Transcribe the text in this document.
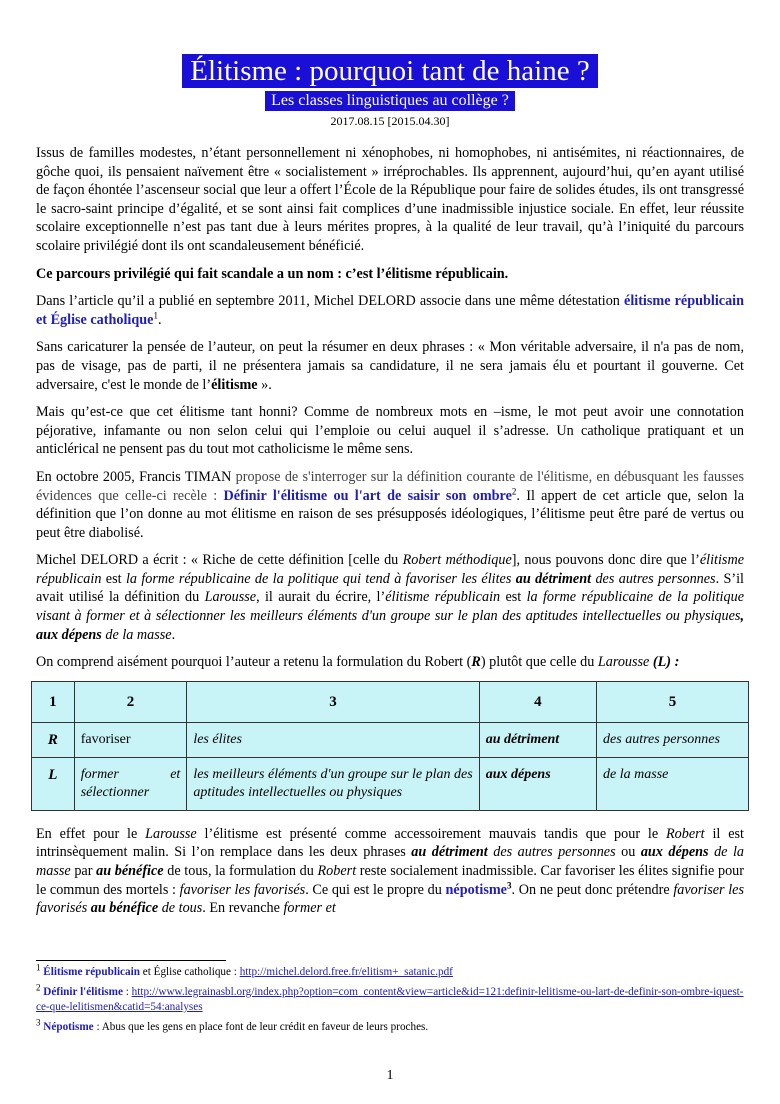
Élitisme : pourquoi tant de haine ?
Les classes linguistiques au collège ?
2017.08.15 [2015.04.30]

Issus de familles modestes, n’étant personnellement ni xénophobes, ni homophobes, ni antisémites, ni réactionnaires, de gôche quoi, ils pensaient naïvement être « socialistement » irréprochables. Ils apprennent, aujourd’hui, qu’en ayant utilisé de façon éhontée l’ascenseur social que leur a offert l’École de la République pour faire de solides études, ils ont transgressé le sacro-saint principe d’égalité, et se sont ainsi fait complices d’une inadmissible injustice sociale. En effet, leur réussite scolaire exceptionnelle n’est pas tant due à leurs mérites propres, à la qualité de leur travail, qu’à l’iniquité du parcours scolaire privilégié dont ils ont scandaleusement bénéficié.

Ce parcours privilégié qui fait scandale a un nom : c’est l’élitisme républicain.

Dans l’article qu’il a publié en septembre 2011, Michel DELORD associe dans une même détestation élitisme républicain et Église catholique$^1$.

Sans caricaturer la pensée de l’auteur, on peut la résumer en deux phrases : « Mon véritable adversaire, il n'a pas de nom, pas de visage, pas de parti, il ne présentera jamais sa candidature, il ne sera jamais élu et pourtant il gouverne. Cet adversaire, c'est le monde de l’élitisme ».

Mais qu’est-ce que cet élitisme tant honni? Comme de nombreux mots en –isme, le mot peut avoir une connotation péjorative, infamante ou non selon celui qui l’emploie ou celui auquel il s’adresse. Un catholique pratiquant et un anticlérical ne pensent pas du tout mot catholicisme le même sens.

En octobre 2005, Francis TIMAN propose de s'interroger sur la définition courante de l'élitisme, en débusquant les fausses évidences que celle-ci recèle : Définir l'élitisme ou l'art de saisir son ombre$^2$. Il appert de cet article que, selon la définition que l’on donne au mot élitisme en raison de ses présupposés idéologiques, l’élitisme peut être paré de vertus ou peut être diabolisé.

Michel DELORD a écrit : « Riche de cette définition [celle du Robert méthodique], nous pouvons donc dire que l’élitisme républicain est la forme républicaine de la politique qui tend à favoriser les élites au détriment des autres personnes. S’il avait utilisé la définition du Larousse, il aurait du écrire, l’élitisme républicain est la forme républicaine de la politique visant à former et à sélectionner les meilleurs éléments d'un groupe sur le plan des aptitudes intellectuelles ou physiques, aux dépens de la masse.

On comprend aisément pourquoi l’auteur a retenu la formulation du Robert (R) plutôt que celle du Larousse (L) :

1	2	3	4	5
R	favoriser	les élites	au détriment	des autres personnes
L	former et sélectionner	les meilleurs éléments d'un groupe sur le plan des aptitudes intellectuelles ou physiques	aux dépens	de la masse

En effet pour le Larousse l’élitisme est présenté comme accessoirement mauvais tandis que pour le Robert il est intrinsèquement malin. Si l’on remplace dans les deux phrases au détriment des autres personnes ou aux dépens de la masse par au bénéfice de tous, la formulation du Robert reste socialement inadmissible. Car favoriser les élites signifie pour le commun des mortels : favoriser les favorisés. Ce qui est le propre du népotisme$^3$. On ne peut donc prétendre favoriser les favorisés au bénéfice de tous. En revanche former et

$^1$ Élitisme républicain et Église catholique : http://michel.delord.free.fr/elitism+_satanic.pdf

$^2$ Définir l'élitisme : http://www.legrainasbl.org/index.php?option=com_content&view=article&id=121:definir-lelitisme-ou-lart-de-definir-son-ombre-iquest-ce-que-lelitismen&catid=54:analyses

$^3$ Népotisme : Abus que les gens en place font de leur crédit en faveur de leurs proches.

1
